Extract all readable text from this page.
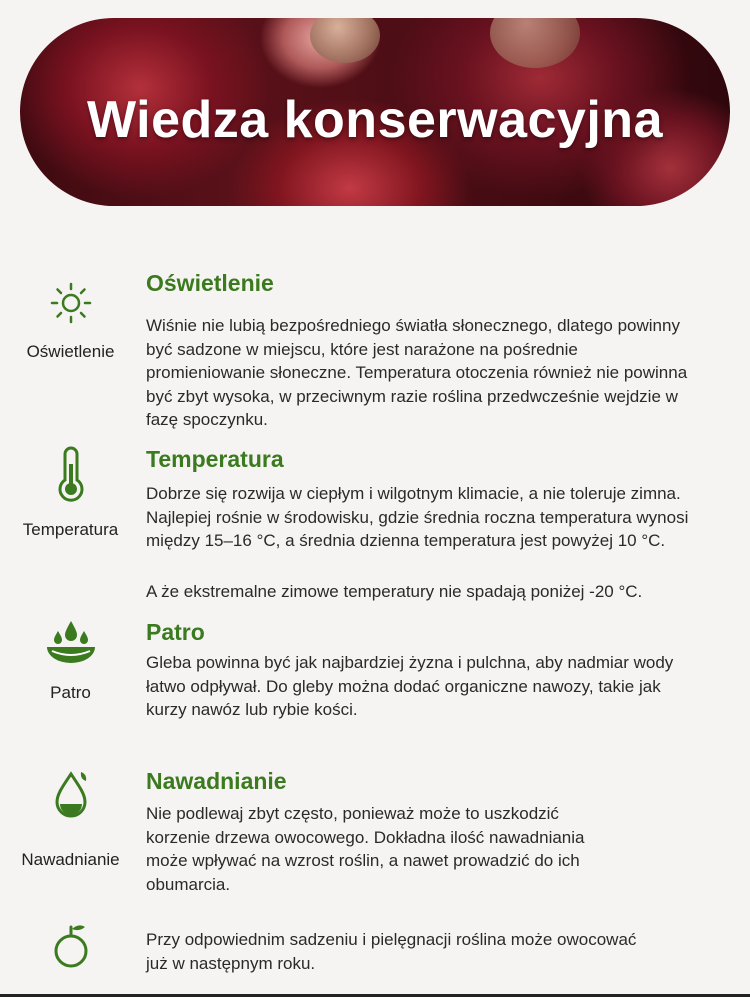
Wiedza konserwacyjna
Oświetlenie
Oświetlenie

Wiśnie nie lubią bezpośredniego światła słonecznego, dlatego powinny być sadzone w miejscu, które jest narażone na pośrednie promieniowanie słoneczne. Temperatura otoczenia również nie powinna być zbyt wysoka, w przeciwnym razie roślina przedwcześnie wejdzie w fazę spoczynku.

Temperatura
Temperatura

Dobrze się rozwija w ciepłym i wilgotnym klimacie, a nie toleruje zimna. Najlepiej rośnie w środowisku, gdzie średnia roczna temperatura wynosi między 15–16 °C, a średnia dzienna temperatura jest powyżej 10 °C.

A że ekstremalne zimowe temperatury nie spadają poniżej -20 °C.

Patro
Patro

Gleba powinna być jak najbardziej żyzna i pulchna, aby nadmiar wody łatwo odpływał. Do gleby można dodać organiczne nawozy, takie jak kurzy nawóz lub rybie kości.

Nawadnianie
Nawadnianie

Nie podlewaj zbyt często, ponieważ może to uszkodzić korzenie drzewa owocowego. Dokładna ilość nawadniania może wpływać na wzrost roślin, a nawet prowadzić do ich obumarcia.

Przy odpowiednim sadzeniu i pielęgnacji roślina może owocować już w następnym roku.
